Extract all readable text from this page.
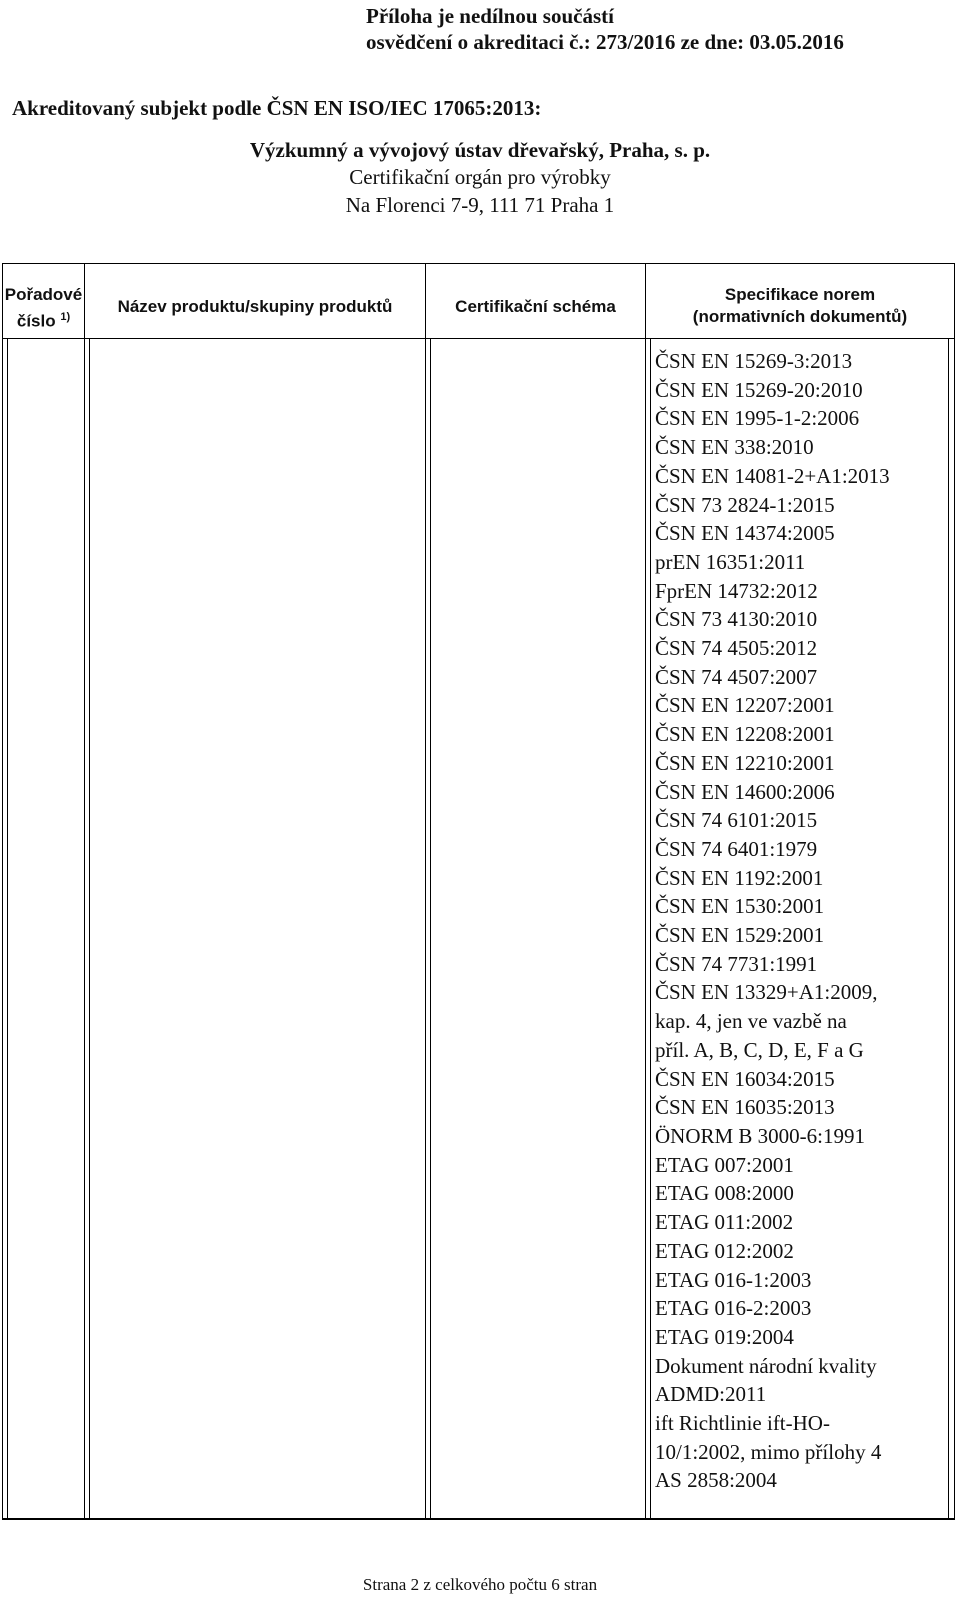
Příloha je nedílnou součástí
osvědčení o akreditaci č.: 273/2016 ze dne: 03.05.2016
Akreditovaný subjekt podle ČSN EN ISO/IEC 17065:2013:
Výzkumný a vývojový ústav dřevařský, Praha, s. p.
Certifikační orgán pro výrobky
Na Florenci 7-9, 111 71 Praha 1
Pořadové
číslo $^{1)}$
Název produktu/skupiny produktů	Certifikační schéma
Specifikace norem
(normativních dokumentů)
ČSN EN 15269-3:2013
ČSN EN 15269-20:2010
ČSN EN 1995-1-2:2006
ČSN EN 338:2010
ČSN EN 14081-2+A1:2013
ČSN 73 2824-1:2015
ČSN EN 14374:2005
prEN 16351:2011
FprEN 14732:2012
ČSN 73 4130:2010
ČSN 74 4505:2012
ČSN 74 4507:2007
ČSN EN 12207:2001
ČSN EN 12208:2001
ČSN EN 12210:2001
ČSN EN 14600:2006
ČSN 74 6101:2015
ČSN 74 6401:1979
ČSN EN 1192:2001
ČSN EN 1530:2001
ČSN EN 1529:2001
ČSN 74 7731:1991
ČSN EN 13329+A1:2009,
kap. 4, jen ve vazbě na
příl. A, B, C, D, E, F a G
ČSN EN 16034:2015
ČSN EN 16035:2013
ÖNORM B 3000-6:1991
ETAG 007:2001
ETAG 008:2000
ETAG 011:2002
ETAG 012:2002
ETAG 016-1:2003
ETAG 016-2:2003
ETAG 019:2004
Dokument národní kvality
ADMD:2011
ift Richtlinie ift-HO-
10/1:2002, mimo přílohy 4
AS 2858:2004
Strana 2 z celkového počtu 6 stran
